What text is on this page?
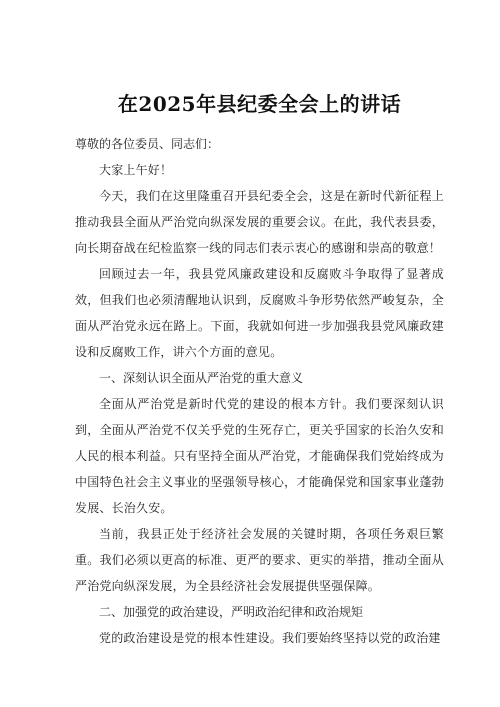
在2025年县纪委全会上的讲话

尊敬的各位委员、同志们：

大家上午好！

今天，我们在这里隆重召开县纪委全会，这是在新时代新征程上推动我县全面从严治党向纵深发展的重要会议。在此，我代表县委，向长期奋战在纪检监察一线的同志们表示衷心的感谢和崇高的敬意！

回顾过去一年，我县党风廉政建设和反腐败斗争取得了显著成效，但我们也必须清醒地认识到，反腐败斗争形势依然严峻复杂，全面从严治党永远在路上。下面，我就如何进一步加强我县党风廉政建设和反腐败工作，讲六个方面的意见。

一、深刻认识全面从严治党的重大意义

全面从严治党是新时代党的建设的根本方针。我们要深刻认识到，全面从严治党不仅关乎党的生死存亡，更关乎国家的长治久安和人民的根本利益。只有坚持全面从严治党，才能确保我们党始终成为中国特色社会主义事业的坚强领导核心，才能确保党和国家事业蓬勃发展、长治久安。

当前，我县正处于经济社会发展的关键时期，各项任务艰巨繁重。我们必须以更高的标准、更严的要求、更实的举措，推动全面从严治党向纵深发展，为全县经济社会发展提供坚强保障。

二、加强党的政治建设，严明政治纪律和政治规矩

党的政治建设是党的根本性建设。我们要始终坚持以党的政治建
